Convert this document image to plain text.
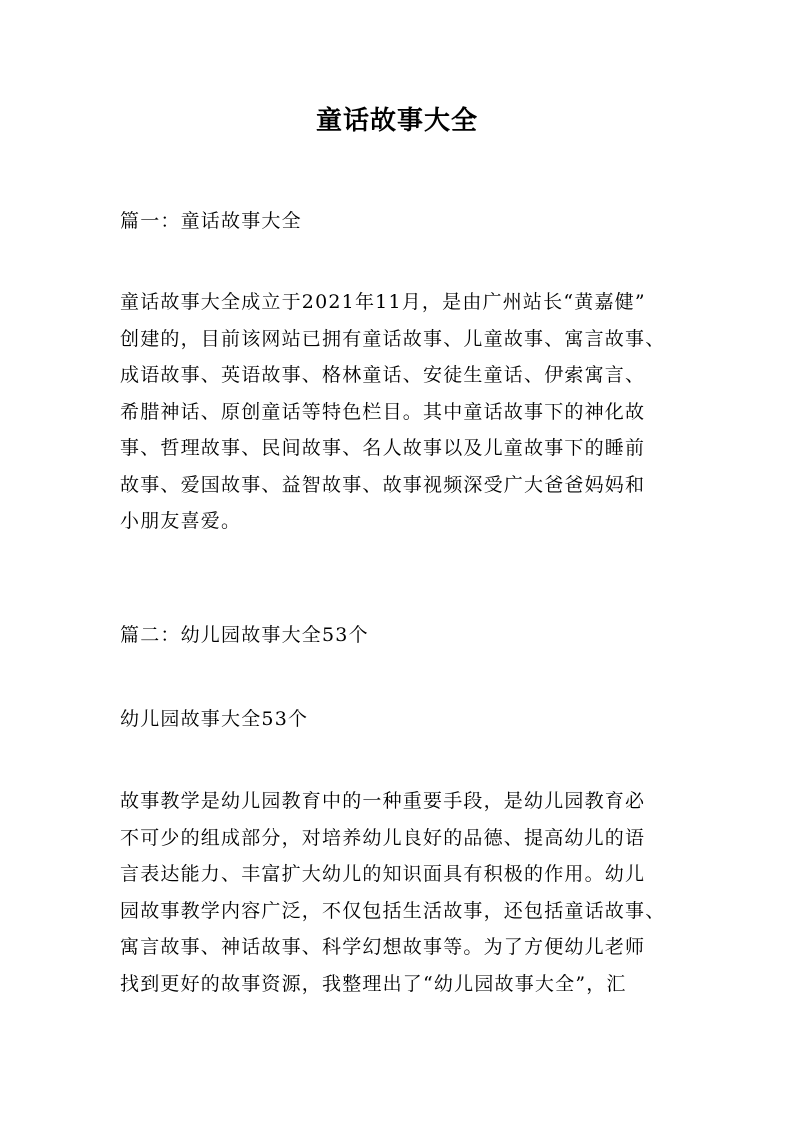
童话故事大全
篇一：童话故事大全
童话故事大全成立于2021年11月，是由广州站长“黄嘉健”
创建的，目前该网站已拥有童话故事、儿童故事、寓言故事、
成语故事、英语故事、格林童话、安徒生童话、伊索寓言、
希腊神话、原创童话等特色栏目。其中童话故事下的神化故
事、哲理故事、民间故事、名人故事以及儿童故事下的睡前
故事、爱国故事、益智故事、故事视频深受广大爸爸妈妈和
小朋友喜爱。
篇二：幼儿园故事大全53个
幼儿园故事大全53个
故事教学是幼儿园教育中的一种重要手段，是幼儿园教育必
不可少的组成部分，对培养幼儿良好的品德、提高幼儿的语
言表达能力、丰富扩大幼儿的知识面具有积极的作用。幼儿
园故事教学内容广泛，不仅包括生活故事，还包括童话故事、
寓言故事、神话故事、科学幻想故事等。为了方便幼儿老师
找到更好的故事资源，我整理出了“幼儿园故事大全”，汇
